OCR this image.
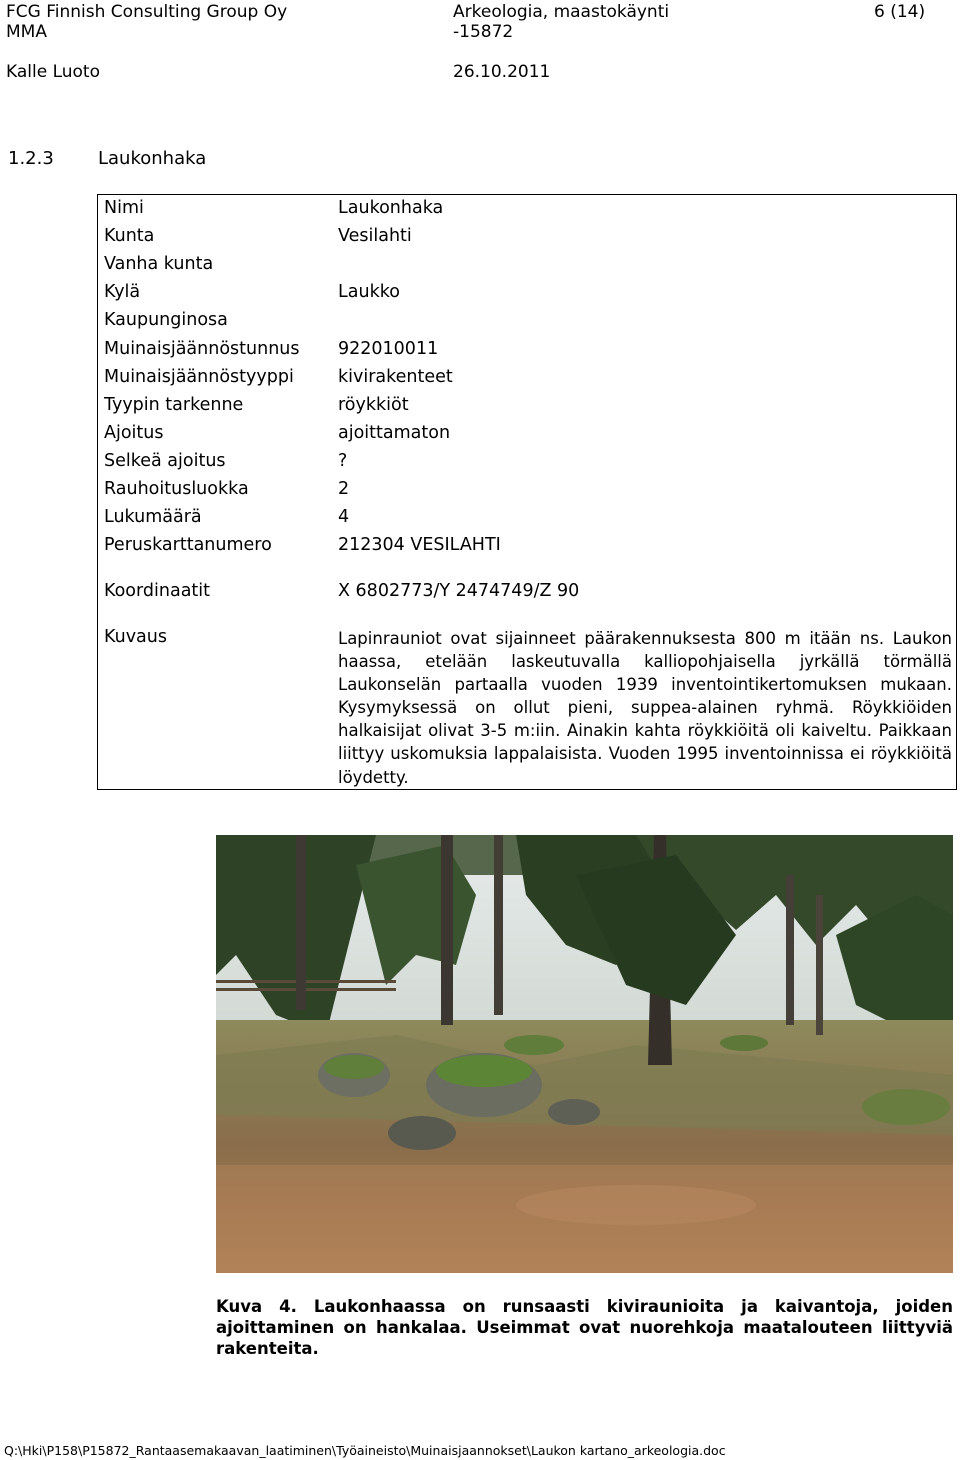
FCG Finnish Consulting Group Oy	Arkeologia, maastokäynti	6 (14)
MMA	-15872
Kalle Luoto	26.10.2011
1.2.3 Laukonhaka
Nimi	Laukonhaka
Kunta	Vesilahti
Vanha kunta
Kylä	Laukko
Kaupunginosa
Muinaisjäännöstunnus 922010011
Muinaisjäännöstyyppi	kivirakenteet
Tyypin tarkenne	röykkiöt
Ajoitus	ajoittamaton
Selkeä ajoitus	?
Rauhoitusluokka	2
Lukumäärä	4
Peruskarttanumero	212304 VESILAHTI
Koordinaatit	X 6802773/Y 2474749/Z 90
Kuvaus	Lapinrauniot ovat sijainneet päärakennuksesta 800 m itään ns. Laukon haassa, etelään laskeutuvalla kalliopohjaisella jyrkällä törmällä Laukonselän partaalla vuoden 1939 inventointikertomuksen mukaan. Kysymyksessä on ollut pieni, suppea-alainen ryhmä. Röykkiöiden halkaisijat olivat 3-5 m:iin. Ainakin kahta röykkiöitä oli kaiveltu. Paikkaan liittyy uskomuksia lappalaisista. Vuoden 1995 inventoinnissa ei röykkiöitä löydetty.
Kuva 4. Laukonhaassa on runsaasti kiviraunioita ja kaivantoja, joiden ajoittaminen on hankalaa. Useimmat ovat nuorehkoja maatalouteen liittyviä rakenteita.
Q:\Hki\P158\P15872_Rantaasemakaavan_laatiminen\Työaineisto\Muinaisjaannokset\Laukon kartano_arkeologia.doc
